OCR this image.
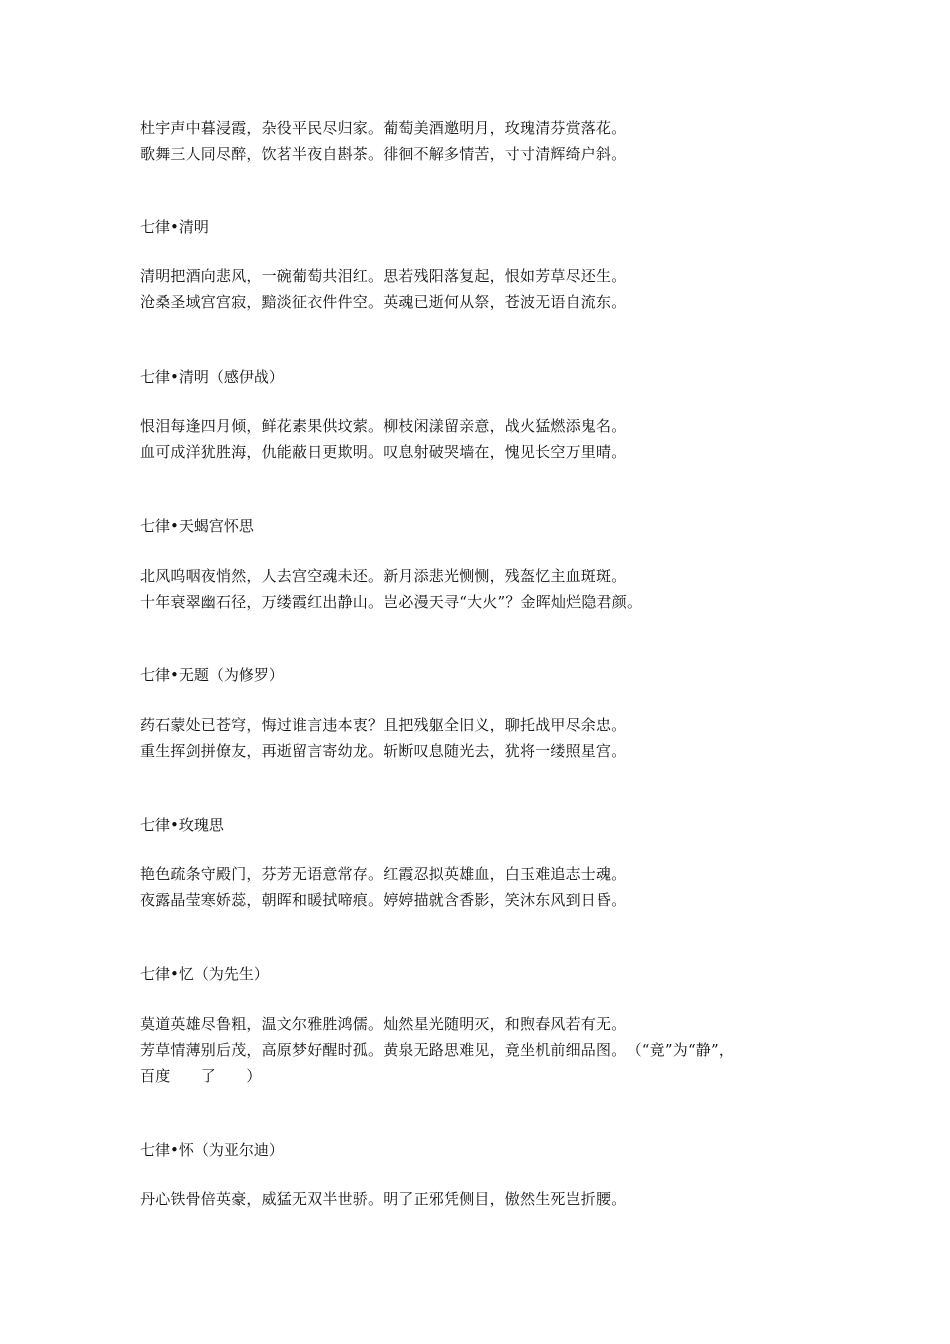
杜宇声中暮浸霞，杂役平民尽归家。葡萄美酒邀明月，玫瑰清芬赏落花。
歌舞三人同尽醉，饮茗半夜自斟茶。徘徊不解多情苦，寸寸清辉绮户斜。
七律•清明
清明把酒向悲风，一碗葡萄共泪红。思若残阳落复起，恨如芳草尽还生。
沧桑圣域宫宫寂，黯淡征衣件件空。英魂已逝何从祭，苍波无语自流东。
七律•清明（感伊战）
恨泪每逢四月倾，鲜花素果供坟萦。柳枝闲漾留亲意，战火猛燃添鬼名。
血可成洋犹胜海，仇能蔽日更欺明。叹息射破哭墙在，愧见长空万里晴。
七律•天蝎宫怀思
北风呜咽夜悄然，人去宫空魂未还。新月添悲光恻恻，残盔忆主血斑斑。
十年衰翠幽石径，万缕霞红出静山。岂必漫天寻“大火”？金晖灿烂隐君颜。
七律•无题（为修罗）
药石蒙处已苍穹，悔过谁言违本衷？且把残躯全旧义，聊托战甲尽余忠。
重生挥剑拼僚友，再逝留言寄幼龙。斩断叹息随光去，犹将一缕照星宫。
七律•玫瑰思
艳色疏条守殿门，芬芳无语意常存。红霞忍拟英雄血，白玉难追志士魂。
夜露晶莹寒娇蕊，朝晖和暖拭啼痕。婷婷描就含香影，笑沐东风到日昏。
七律•忆（为先生）
莫道英雄尽鲁粗，温文尔雅胜鸿儒。灿然星光随明灭，和煦春风若有无。
芳草情薄别后茂，高原梦好醒时孤。黄泉无路思难见，竟坐机前细品图。　（“竟”为“静”，
百度　　了　　）
七律•怀（为亚尔迪）
丹心铁骨倍英豪，威猛无双半世骄。明了正邪凭侧目，傲然生死岂折腰。
